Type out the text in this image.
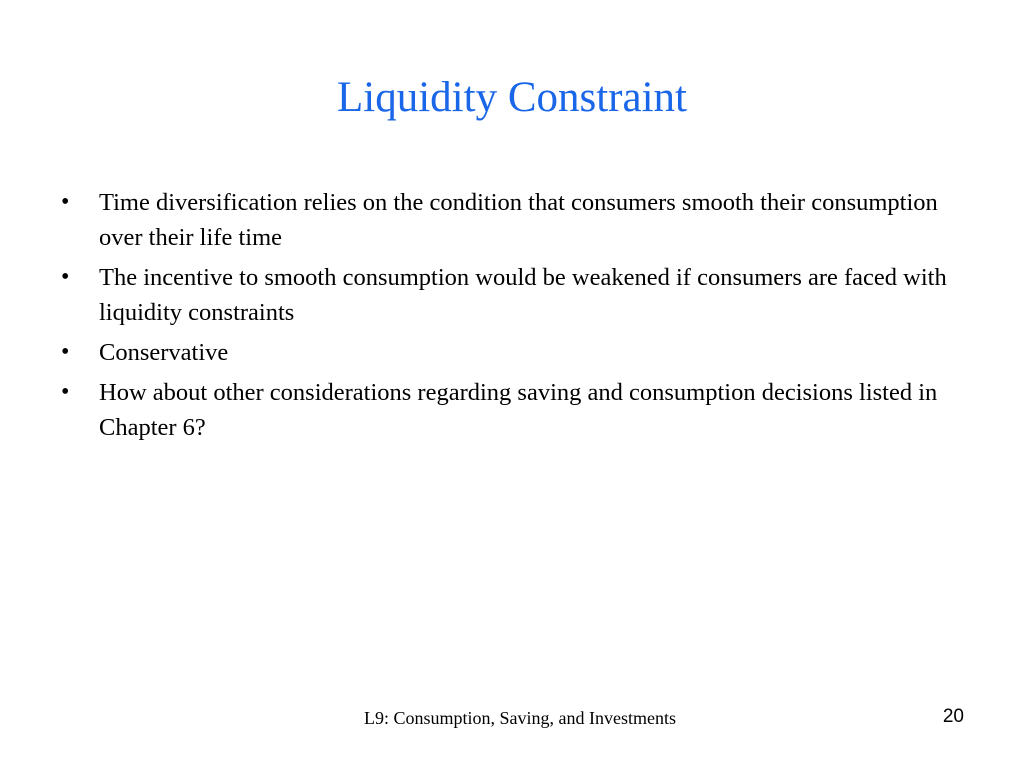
Liquidity Constraint
• Time diversification relies on the condition that consumers smooth their consumption over their life time
• The incentive to smooth consumption would be weakened if consumers are faced with liquidity constraints
• Conservative
• How about other considerations regarding saving and consumption decisions listed in Chapter 6?
L9: Consumption, Saving, and Investments	20
